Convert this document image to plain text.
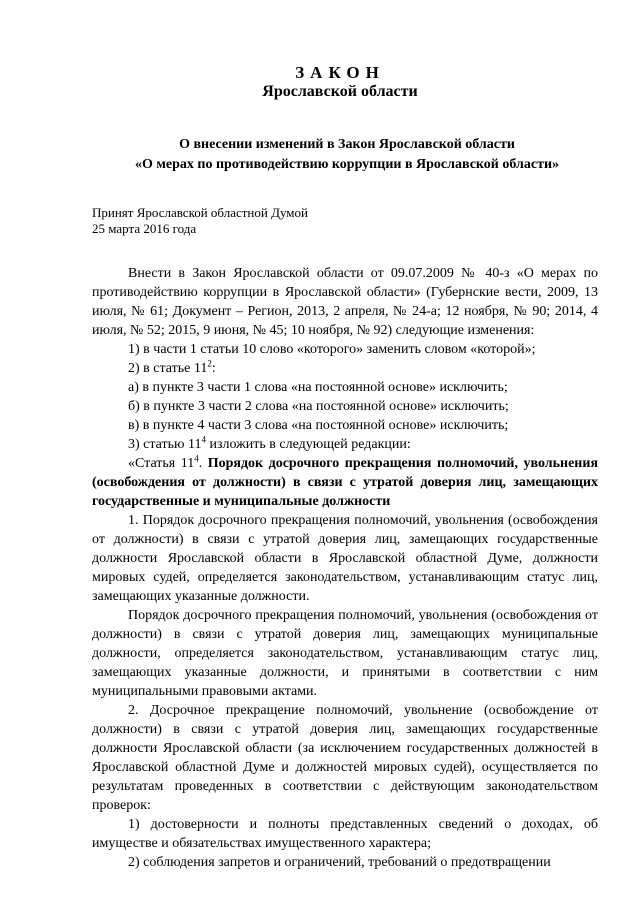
ЗАКОН
Ярославской области
О внесении изменений в Закон Ярославской области
«О мерах по противодействию коррупции в Ярославской области»
Принят Ярославской областной Думой
25 марта 2016 года

Внести в Закон Ярославской области от 09.07.2009 № 40-з «О мерах по противодействию коррупции в Ярославской области» (Губернские вести, 2009, 13 июля, № 61; Документ – Регион, 2013, 2 апреля, № 24-а; 12 ноября, № 90; 2014, 4 июля, № 52; 2015, 9 июня, № 45; 10 ноября, № 92) следующие изменения:

1) в части 1 статьи 10 слово «которого» заменить словом «которой»;

2) в статье $11^2$:

а) в пункте 3 части 1 слова «на постоянной основе» исключить;

б) в пункте 3 части 2 слова «на постоянной основе» исключить;

в) в пункте 4 части 3 слова «на постоянной основе» исключить;

3) статью $11^4$ изложить в следующей редакции:

«Статья $11^4$. Порядок досрочного прекращения полномочий, увольнения (освобождения от должности) в связи с утратой доверия лиц, замещающих государственные и муниципальные должности

1. Порядок досрочного прекращения полномочий, увольнения (освобождения от должности) в связи с утратой доверия лиц, замещающих государственные должности Ярославской области в Ярославской областной Думе, должности мировых судей, определяется законодательством, устанавливающим статус лиц, замещающих указанные должности.

Порядок досрочного прекращения полномочий, увольнения (освобождения от должности) в связи с утратой доверия лиц, замещающих муниципальные должности, определяется законодательством, устанавливающим статус лиц, замещающих указанные должности, и принятыми в соответствии с ним муниципальными правовыми актами.

2. Досрочное прекращение полномочий, увольнение (освобождение от должности) в связи с утратой доверия лиц, замещающих государственные должности Ярославской области (за исключением государственных должностей в Ярославской областной Думе и должностей мировых судей), осуществляется по результатам проведенных в соответствии с действующим законодательством проверок:

1) достоверности и полноты представленных сведений о доходах, об имуществе и обязательствах имущественного характера;

2) соблюдения запретов и ограничений, требований о предотвращении
